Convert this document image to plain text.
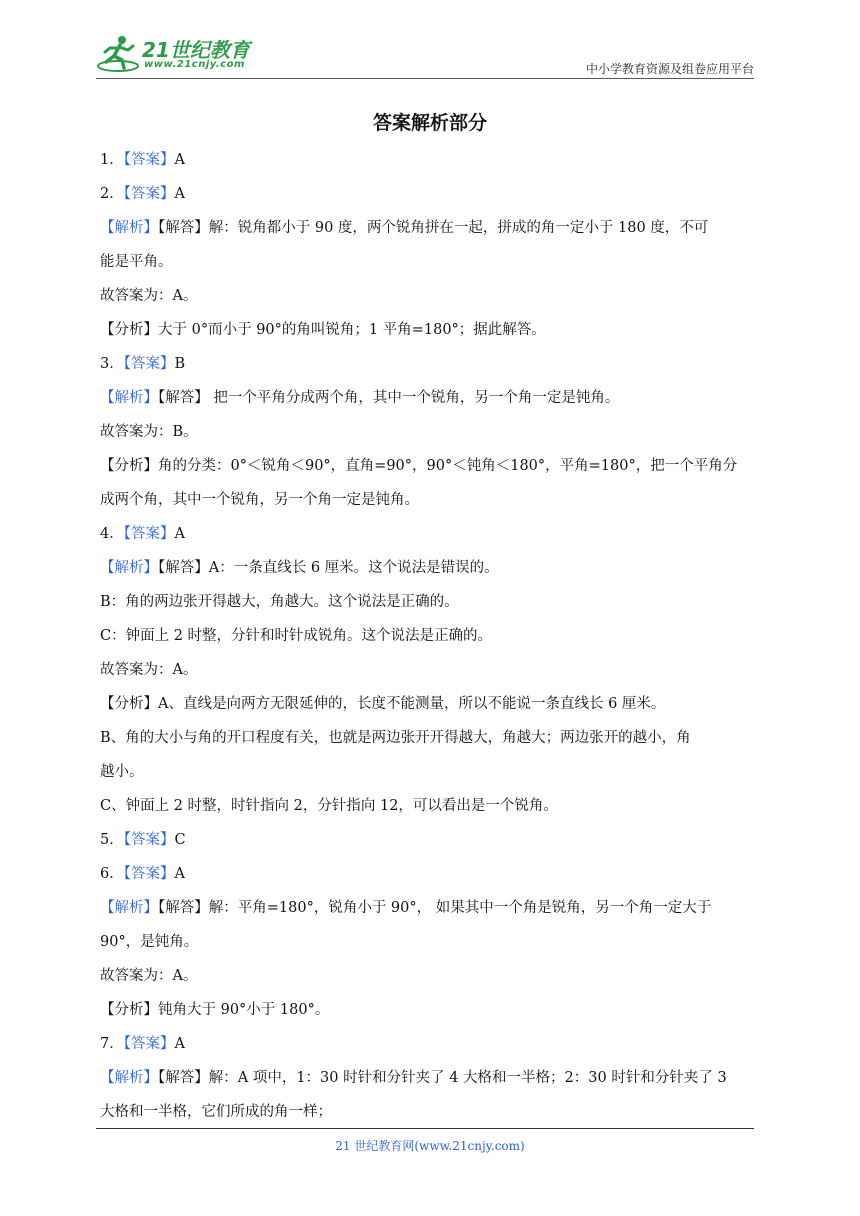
21世纪教育
www.21cnjy.com	中小学教育资源及组卷应用平台
答案解析部分
1．【答案】A
2．【答案】A
【解析】【解答】解：锐角都小于 90 度，两个锐角拼在一起，拼成的角一定小于 180 度，不可
能是平角。
故答案为：A。
【分析】大于 0°而小于 90°的角叫锐角；1 平角=180°；据此解答。
3．【答案】B
【解析】【解答】 把一个平角分成两个角，其中一个锐角，另一个角一定是钝角。
故答案为：B。
【分析】角的分类：0°＜锐角＜90°，直角=90°，90°＜钝角＜180°，平角=180°，把一个平角分
成两个角，其中一个锐角，另一个角一定是钝角。
4．【答案】A
【解析】【解答】A：一条直线长 6 厘米。这个说法是错误的。
B：角的两边张开得越大，角越大。这个说法是正确的。
C：钟面上 2 时整，分针和时针成锐角。这个说法是正确的。
故答案为：A。
【分析】A、直线是向两方无限延伸的，长度不能测量，所以不能说一条直线长 6 厘米。
B、角的大小与角的开口程度有关，也就是两边张开开得越大，角越大；两边张开的越小，角
越小。
C、钟面上 2 时整，时针指向 2，分针指向 12，可以看出是一个锐角。
5．【答案】C
6．【答案】A
【解析】【解答】解：平角=180°，锐角小于 90°， 如果其中一个角是锐角，另一个角一定大于
90°，是钝角。
故答案为：A。
【分析】钝角大于 90°小于 180°。
7．【答案】A
【解析】【解答】解：A 项中，1：30 时针和分针夹了 4 大格和一半格；2：30 时针和分针夹了 3
大格和一半格，它们所成的角一样；
21 世纪教育网(www.21cnjy.com)
